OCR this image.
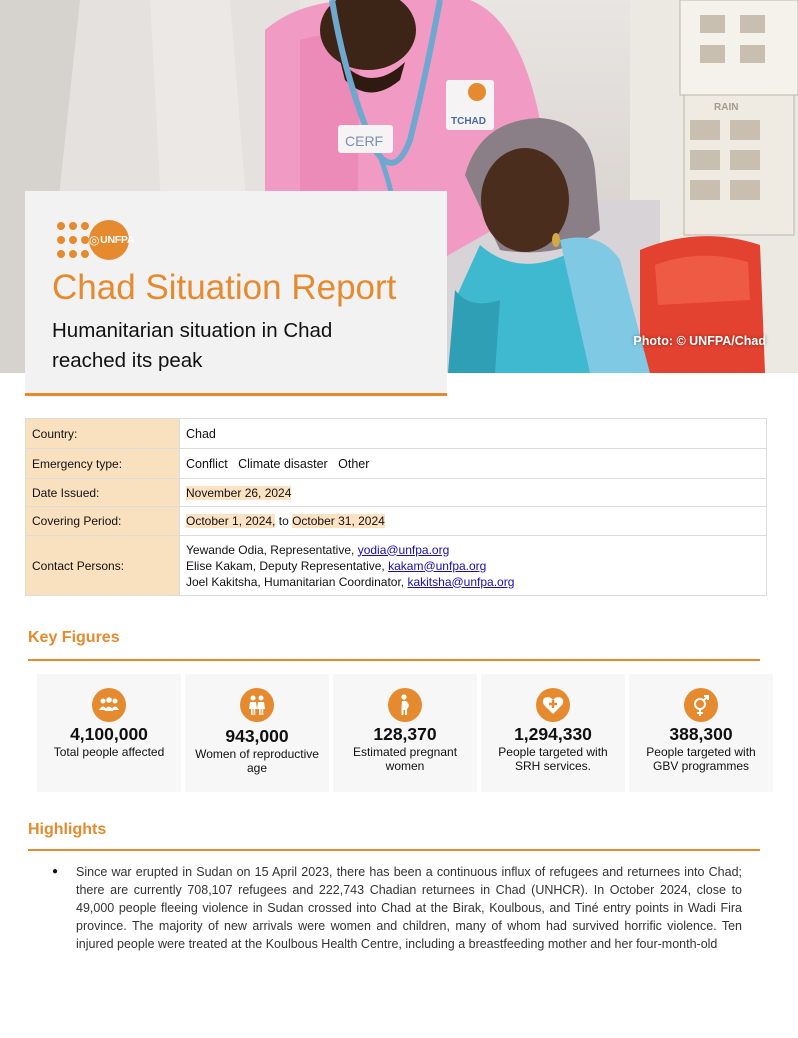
RAIN
CERF
TCHAD
Photo: © UNFPA/Chad
◎UNFPA
Chad Situation Report
Humanitarian situation in Chad reached its peak
Country:	Chad
Emergency type:	Conflict Climate disaster Other
Date Issued:	November 26, 2024
Covering Period:	October 1, 2024, to October 31, 2024
Contact Persons:	Yewande Odia, Representative, yodia@unfpa.org
Elise Kakam, Deputy Representative, kakam@unfpa.org
Joel Kakitsha, Humanitarian Coordinator, kakitsha@unfpa.org
Key Figures
4,100,000
Total people affected
943,000
Women of reproductive age
128,370
Estimated pregnant women
1,294,330
People targeted with SRH services.
388,300
People targeted with GBV programmes
Highlights
● Since war erupted in Sudan on 15 April 2023, there has been a continuous influx of refugees and returnees into Chad; there are currently 708,107 refugees and 222,743 Chadian returnees in Chad (UNHCR). In October 2024, close to 49,000 people fleeing violence in Sudan crossed into Chad at the Birak, Koulbous, and Tiné entry points in Wadi Fira province. The majority of new arrivals were women and children, many of whom had survived horrific violence. Ten injured people were treated at the Koulbous Health Centre, including a breastfeeding mother and her four-month-old
